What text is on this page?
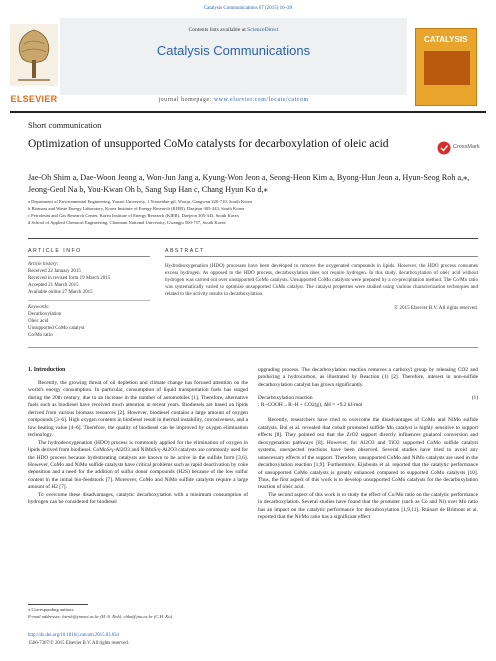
Catalysis Communications 67 (2015) 16–20
Contents lists available at ScienceDirect
Catalysis Communications
journal homepage: www.elsevier.com/locate/catcom
ELSEVIER
CATALYSIS
Short communication
Optimization of unsupported CoMo catalysts for decarboxylation of oleic acid	CrossMark
Jae-Oh Shim a, Dae-Woon Jeong a, Won-Jun Jang a, Kyung-Won Jeon a, Seong-Heon Kim a, Byong-Hun Jeon a, Hyun-Seog Roh a,⁎, Jeong-Geol Na b, You-Kwan Oh b, Sang Sup Han c, Chang Hyun Ko d,⁎
a Department of Environmental Engineering, Yonsei University, 1 Yonseidae-gil, Wonju, Gangwon 220-710, South Korea
b Biomass and Waste Energy Laboratory, Korea Institute of Energy Research (KIER), Daejeon 305-343, South Korea
c Petroleum and Gas Research Center, Korea Institute of Energy Research (KIER), Daejeon 305-343, South Korea
d School of Applied Chemical Engineering, Chonnam National University, Gwangju 500-757, South Korea
ARTICLE INFO
Article history:
Received 22 January 2015
Received in revised form 19 March 2015
Accepted 21 March 2015
Available online 27 March 2015
Keywords:
Decarboxylation
Oleic acid
Unsupported CoMo catalyst
Co/Mo ratio
ABSTRACT
Hydrodeoxygenation (HDO) processes have been developed to remove the oxygenated compounds in lipids. However, the HDO process consumes excess hydrogen. As opposed to the HDO process, decarboxylation does not require hydrogen. In this study, decarboxylation of oleic acid without hydrogen was carried out over unsupported CoMo catalysts. Unsupported CoMo catalysts were prepared by a co-precipitation method. The Co/Mo ratio was systematically varied to optimize unsupported CoMo catalyst. The catalyst properties were studied using various characterization techniques and related to the activity results in decarboxylation.
© 2015 Elsevier B.V. All rights reserved.
1. Introduction

Recently, the growing threat of oil depletion and climate change has focused attention on the world's energy consumption. In particular, consumption of liquid transportation fuels has surged during the 20th century, due to an increase in the number of automobiles [1]. Therefore, alternative fuels such as biodiesel have received much attention in recent years. Biodiesels are based on lipids derived from various biomass resources [2]. However, biodiesel contains a large amount of oxygen compounds [3–6]. High oxygen contents in biodiesel result in thermal instability, corrosiveness, and a low heating value [4–6]. Therefore, the quality of biodiesel can be improved by oxygen elimination technology.

The hydrodeoxygenation (HDO) process is commonly applied for the elimination of oxygen in lipids derived from biodiesel. CoMoS/γ-Al2O3 and NiMoS/γ-Al2O3 catalysts are commonly used for the HDO process because hydrotreating catalysts are known to be active in the sulfide form [3,6]. However, CoMo and NiMo sulfide catalysts have critical problems such as rapid deactivation by coke deposition and a need for the addition of sulfur donor compounds (H2S) because of the low sulfur content in the initial bio-feedstock [7]. Moreover, CoMo and NiMo sulfide catalysts require a large amount of H2 [7].

To overcome these disadvantages, catalytic decarboxylation with a minimum consumption of hydrogen can be considered for biodiesel

⁎ Corresponding authors.
E-mail addresses: hsroh@yonsei.ac.kr (H.-S. Roh), chko@jnu.ac.kr (C.H. Ko).
http://dx.doi.org/10.1016/j.catcom.2015.03.034
1566-7367/© 2015 Elsevier B.V. All rights reserved.

upgrading process. The decarboxylation reaction removes a carboxyl group by releasing CO2 and producing a hydrocarbon, as illustrated by Reaction (1) [2]. Therefore, interest in non-sulfide decarboxylation catalyst has grown significantly.

Decarboxylation reaction	(1)
: R−COOH→R−H + CO2(g), ΔH = +9.2 kJ/mol

Recently, researchers have tried to overcome the disadvantages of CoMo and NiMo sulfide catalysts. Bui et al. revealed that cobalt promoted sulfide Mo catalyst is highly sensitive to support effects [8]. They pointed out that the ZrO2 support directly influences guaiacol conversion and deoxygenation pathways [8]. However, for Al2O3 and TiO2 supported CoMo sulfide catalyst systems, unexpected reactions have been observed. Several studies have tried to avoid any unnecessary effects of the support. Therefore, unsupported CoMo and NiMo catalysts are used in the decarboxylation reaction [1,9]. Furthermore, Eijsbouts et al. reported that the catalytic performance of unsupported CoMo catalysts is greatly enhanced compared to supported CoMo catalysts [10]. Thus, the first aspect of this work is to develop unsupported CoMo catalysts for the decarboxylation reaction of oleic acid.

The second aspect of this work is to study the effect of Co/Mo ratio on the catalytic performance in decarboxylation. Several studies have found that the promoter (such as Co and Ni) over Mo ratio has an impact on the catalytic performance for decarboxylation [1,9,11]. Ruinart de Brimont et al. reported that the Ni/Mo ratio has a significant effect
